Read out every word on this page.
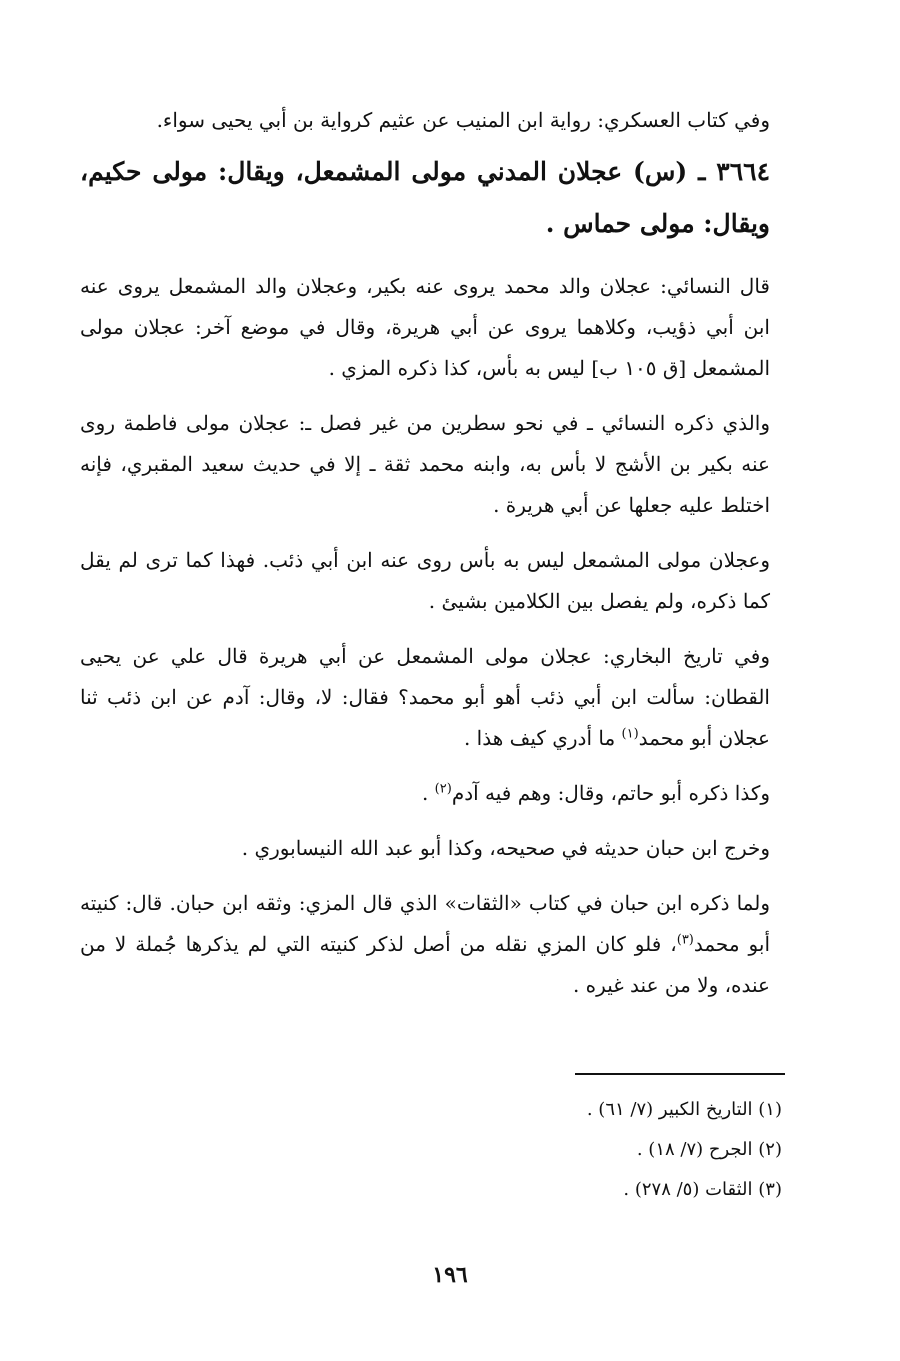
وفي كتاب العسكري: رواية ابن المنيب عن عثيم كرواية بن أبي يحيى سواء.

٣٦٦٤ ـ (س) عجلان المدني مولى المشمعل، ويقال: مولى حكيم، ويقال: مولى حماس .

قال النسائي: عجلان والد محمد يروى عنه بكير، وعجلان والد المشمعل يروى عنه ابن أبي ذؤيب، وكلاهما يروى عن أبي هريرة، وقال في موضع آخر: عجلان مولى المشمعل [ق ١٠٥ ب] ليس به بأس، كذا ذكره المزي .

والذي ذكره النسائي ـ في نحو سطرين من غير فصل ـ: عجلان مولى فاطمة روى عنه بكير بن الأشج لا بأس به، وابنه محمد ثقة ـ إلا في حديث سعيد المقبري، فإنه اختلط عليه جعلها عن أبي هريرة .

وعجلان مولى المشمعل ليس به بأس روى عنه ابن أبي ذئب. فهذا كما ترى لم يقل كما ذكره، ولم يفصل بين الكلامين بشيئ .

وفي تاريخ البخاري: عجلان مولى المشمعل عن أبي هريرة قال علي عن يحيى القطان: سألت ابن أبي ذئب أهو أبو محمد؟ فقال: لا، وقال: آدم عن ابن ذئب ثنا عجلان أبو محمد$^{(١)}$ ما أدري كيف هذا .

وكذا ذكره أبو حاتم، وقال: وهم فيه آدم$^{(٢)}$ .

وخرج ابن حبان حديثه في صحيحه، وكذا أبو عبد الله النيسابوري .

ولما ذكره ابن حبان في كتاب «الثقات» الذي قال المزي: وثقه ابن حبان. قال: كنيته أبو محمد$^{(٣)}$، فلو كان المزي نقله من أصل لذكر كنيته التي لم يذكرها جُملة لا من عنده، ولا من عند غيره .

(١) التاريخ الكبير (٧/ ٦١) .
(٢) الجرح (٧/ ١٨) .
(٣) الثقات (٥/ ٢٧٨) .
١٩٦
